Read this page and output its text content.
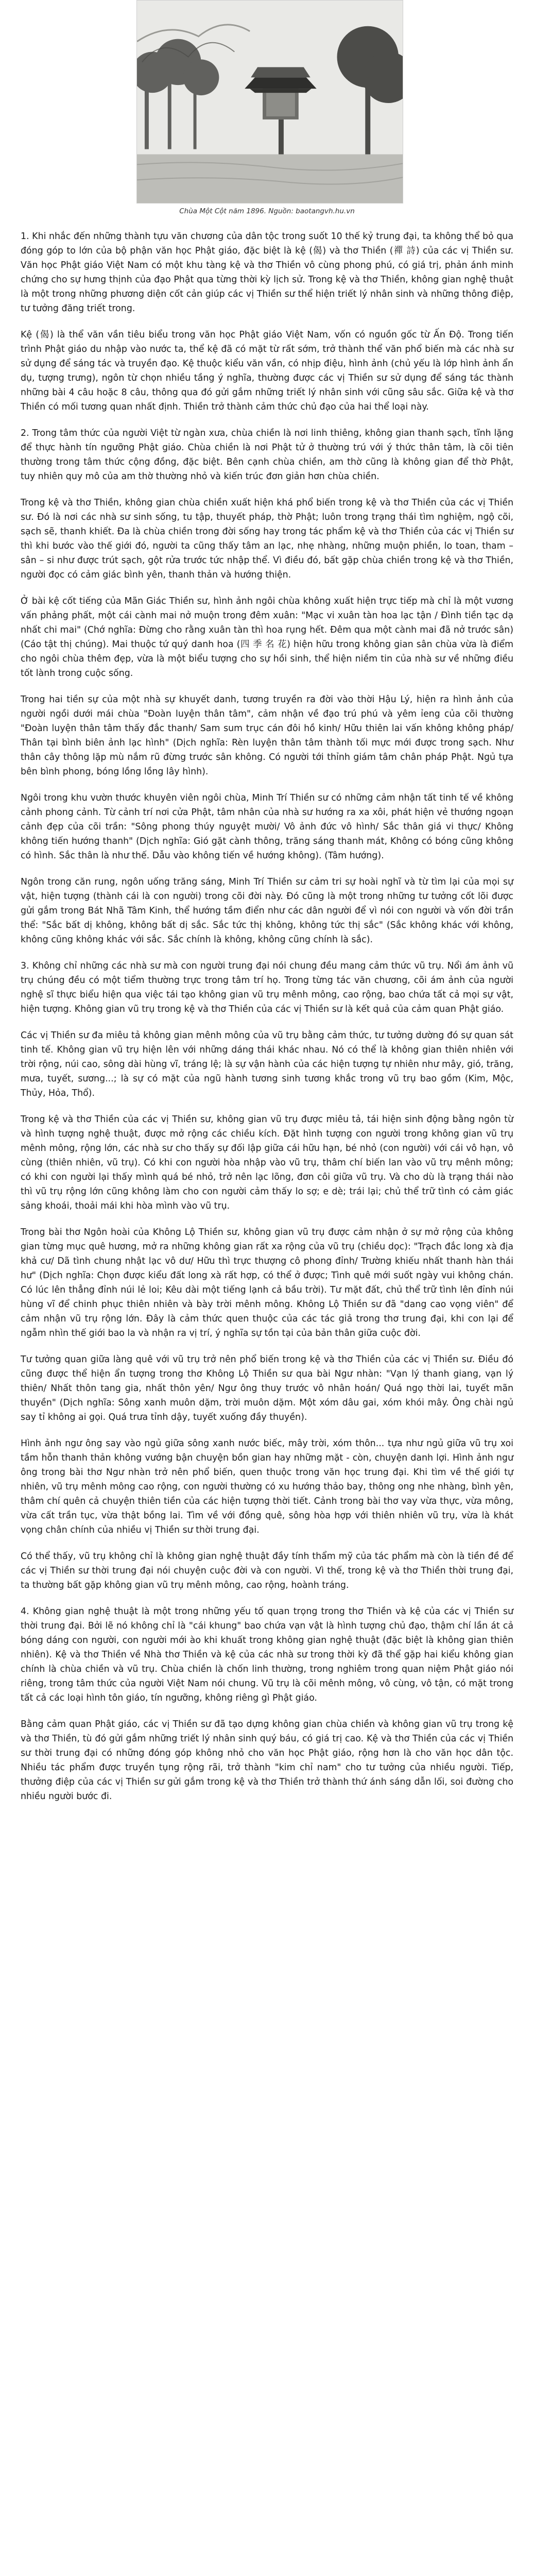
Chùa Một Cột năm 1896. Nguồn: baotangvh.hu.vn

1. Khi nhắc đến những thành tựu văn chương của dân tộc trong suốt 10 thế kỷ trung đại, ta không thể bỏ qua đóng góp to lớn của bộ phận văn học Phật giáo, đặc biệt là kệ (偈) và thơ Thiền (禪 詩) của các vị Thiền sư. Văn học Phật giáo Việt Nam có một khu tàng kệ và thơ Thiền vô cùng phong phú, có giá trị, phản ánh minh chứng cho sự hưng thịnh của đạo Phật qua từng thời kỳ lịch sử. Trong kệ và thơ Thiền, không gian nghệ thuật là một trong những phương diện cốt cản giúp các vị Thiền sư thể hiện triết lý nhân sinh và những thông điệp, tư tưởng đăng triết trong.

Kệ (偈) là thể văn vần tiêu biểu trong văn học Phật giáo Việt Nam, vốn có nguồn gốc từ Ấn Độ. Trong tiến trình Phật giáo du nhập vào nước ta, thể kệ đã có mặt từ rất sớm, trở thành thể văn phổ biến mà các nhà sư sử dụng để sáng tác và truyền đạo. Kệ thuộc kiểu văn vần, có nhịp điệu, hình ảnh (chủ yếu là lớp hình ảnh ẩn dụ, tượng trưng), ngôn từ chọn nhiều tầng ý nghĩa, thường được các vị Thiền sư sử dụng để sáng tác thành những bài 4 câu hoặc 8 câu, thông qua đó gửi gắm những triết lý nhân sinh với cũng sâu sắc. Giữa kệ và thơ Thiền có mối tương quan nhất định. Thiền trở thành cảm thức chủ đạo của hai thể loại này.

2. Trong tâm thức của người Việt từ ngàn xưa, chùa chiền là nơi linh thiêng, không gian thanh sạch, tĩnh lặng để thực hành tín ngưỡng Phật giáo. Chùa chiền là nơi Phật tử ở thường trú với ý thức thân tâm, là cõi tiên thường trong tâm thức cộng đồng, đặc biệt. Bên cạnh chùa chiền, am thờ cũng là không gian để thờ Phật, tuy nhiên quy mô của am thờ thường nhỏ và kiến trúc đơn giản hơn chùa chiền.

Trong kệ và thơ Thiền, không gian chùa chiền xuất hiện khá phổ biến trong kệ và thơ Thiền của các vị Thiền sư. Đó là nơi các nhà sư sinh sống, tu tập, thuyết pháp, thờ Phật; luôn trong trạng thái tìm nghiệm, ngộ cõi, sạch sẽ, thanh khiết. Đa là chùa chiền trong đời sống hay trong tác phẩm kệ và thơ Thiền của các vị Thiền sư thì khi bước vào thế giới đó, người ta cũng thấy tâm an lạc, nhẹ nhàng, những muộn phiền, lo toan, tham – sân – si như được trút sạch, gột rửa trước tức nhập thể. Vì điều đó, bất gặp chùa chiền trong kệ và thơ Thiền, người đọc có cảm giác bình yên, thanh thản và hướng thiện.

Ở bài kệ cốt tiếng của Mãn Giác Thiền sư, hình ảnh ngôi chùa không xuất hiện trực tiếp mà chỉ là một vương vấn phảng phất, một cái cành mai nở muộn trong đêm xuân: "Mạc vi xuân tàn hoa lạc tận / Đình tiền tạc dạ nhất chi mai" (Chớ nghĩa: Đừng cho rằng xuân tàn thì hoa rụng hết. Đêm qua một cành mai đã nở trước sân) (Cáo tật thị chúng). Mai thuộc tứ quý danh hoa (四 季 名 花) hiện hữu trong không gian sân chùa vừa là điểm cho ngôi chùa thêm đẹp, vừa là một biểu tượng cho sự hồi sinh, thể hiện niềm tin của nhà sư về những điều tốt lành trong cuộc sống.

Trong hai tiền sự của một nhà sự khuyết danh, tương truyền ra đời vào thời Hậu Lý, hiện ra hình ảnh của người ngồi dưới mái chùa "Đoàn luyện thân tâm", cảm nhận về đạo trú phú và yêm ỉeng của cõi thường "Đoàn luyện thân tâm thấy đắc thanh/ Sam sum trục cán đôi hồ kinh/ Hữu thiên lai vấn không không pháp/ Thân tại bình biên ảnh lạc hình" (Dịch nghĩa: Rèn luyện thân tâm thành tối mực mới được trong sạch. Như thân cây thông lặp mù nắm rũ đừng trước sân không. Có người tới thỉnh giám tâm chân pháp Phật. Ngủ tựa bên bình phong, bóng lồng lồng lây hình).

Ngôi trong khu vườn thước khuyên viên ngôi chùa, Minh Trí Thiền sư có những cảm nhận tất tinh tế về không cảnh phong cảnh. Từ cảnh trí nơi cửa Phật, tâm nhân của nhà sư hướng ra xa xôi, phát hiện vẻ thướng ngoạn cảnh đẹp của cõi trần: "Sông phong thúy nguyệt mười/ Vô ảnh đức vô hình/ Sắc thân giá vi thực/ Không không tiến hướng thanh" (Dịch nghĩa: Gió gặt cành thông, trăng sáng thanh mát, Không có bóng cũng không có hình. Sắc thân là như thế. Dẫu vào không tiến về hướng không). (Tâm hướng).

Ngôn trong căn rung, ngôn uống trăng sáng, Minh Trí Thiền sư cảm tri sự hoài nghĩ và từ tìm lại của mọi sự vật, hiện tượng (thành cái là con người) trong cõi đời này. Đó cũng là một trong những tư tưởng cốt lõi được gửi gắm trong Bát Nhã Tâm Kinh, thể hướng tầm điển như các dân người để vì nói con người và vốn đời trần thể: "Sắc bất dị không, không bất dị sắc. Sắc tức thị không, không tức thị sắc" (Sắc không khác với không, không cũng không khác với sắc. Sắc chính là không, không cũng chính là sắc).

3. Không chỉ những các nhà sư mà con người trung đại nói chung đều mang cảm thức vũ trụ. Nổi ám ảnh vũ trụ chúng đều có một tiểm thường trực trong tâm trí họ. Trong từng tác văn chương, cõi ám ảnh của người nghệ sĩ thực biểu hiện qua việc tái tạo không gian vũ trụ mênh mông, cao rộng, bao chứa tất cả mọi sự vật, hiện tượng. Không gian vũ trụ trong kệ và thơ Thiền của các vị Thiền sư là kết quả của cảm quan Phật giáo.

Các vị Thiền sư đa miêu tả không gian mênh mông của vũ trụ bằng cảm thức, tư tưởng dường đó sự quan sát tinh tế. Không gian vũ trụ hiện lên với những dáng thái khác nhau. Nó có thể là không gian thiên nhiên với trời rộng, núi cao, sông dài hùng vĩ, tráng lệ; là sự vận hành của các hiện tượng tự nhiên như mây, gió, trăng, mưa, tuyết, sương...; là sự có mặt của ngũ hành tương sinh tương khắc trong vũ trụ bao gồm (Kim, Mộc, Thủy, Hỏa, Thổ).

Trong kệ và thơ Thiền của các vị Thiền sư, không gian vũ trụ được miêu tả, tái hiện sinh động bằng ngôn từ và hình tượng nghệ thuật, được mở rộng các chiều kích. Đặt hình tượng con người trong không gian vũ trụ mênh mông, rộng lớn, các nhà sư cho thấy sự đối lập giữa cái hữu hạn, bé nhỏ (con người) với cái vô hạn, vô cùng (thiên nhiên, vũ trụ). Có khi con người hòa nhập vào vũ trụ, thâm chí biến lan vào vũ trụ mênh mông; có khi con người lại thấy mình quá bé nhỏ, trở nên lạc lõng, đơn côi giữa vũ trụ. Và cho dù là trạng thái nào thì vũ trụ rộng lớn cũng không làm cho con người cảm thấy lo sợ; e dè; trái lại; chủ thể trữ tình có cảm giác sảng khoái, thoải mái khi hòa mình vào vũ trụ.

Trong bài thơ Ngôn hoài của Không Lộ Thiền sư, không gian vũ trụ được cảm nhận ở sự mở rộng của không gian từng mục quê hương, mở ra những không gian rất xa rộng của vũ trụ (chiều dọc): "Trạch đắc long xà địa khả cư/ Dã tình chung nhật lạc vô dư/ Hữu thì trực thượng cô phong đỉnh/ Trường khiếu nhất thanh hàn thái hư" (Dịch nghĩa: Chọn được kiểu đất long xà rất hợp, có thể ở được; Tình quê mới suốt ngày vui không chán. Có lúc lên thẳng đỉnh núi lẻ loi; Kêu dài một tiếng lạnh cả bầu trời). Tư mặt đất, chủ thể trữ tình lên đỉnh núi hùng vĩ để chinh phục thiên nhiên và bày trời mênh mông. Không Lộ Thiền sư đã "dang cao vọng viên" để cảm nhận vũ trụ rộng lớn. Đây là cảm thức quen thuộc của các tác giả trong thơ trung đại, khi con lại để ngẫm nhìn thế giới bao la và nhận ra vị trí, ý nghĩa sự tồn tại của bản thân giữa cuộc đời.

Tư tưởng quan giữa làng quê với vũ trụ trở nên phổ biến trong kệ và thơ Thiền của các vị Thiền sư. Điều đó cũng được thể hiện ẩn tượng trong thơ Không Lộ Thiền sư qua bài Ngư nhàn: "Vạn lý thanh giang, vạn lý thiên/ Nhất thôn tang gia, nhất thôn yên/ Ngư ông thuy trước vô nhân hoán/ Quá ngọ thời lai, tuyết mãn thuyền" (Dịch nghĩa: Sông xanh muôn dặm, trời muôn dặm. Một xóm dâu gai, xóm khói mây. Ông chài ngủ say tỉ không ai gọi. Quá trưa tỉnh dậy, tuyết xuống đầy thuyền).

Hình ảnh ngư ông say vào ngủ giữa sông xanh nước biếc, mây trời, xóm thôn... tựa như ngủ giữa vũ trụ xoi tầm hỗn thanh thản không vướng bận chuyện bồn gian hay những mặt - còn, chuyện danh lợi. Hình ảnh ngư ông trong bài thơ Ngư nhàn trở nên phổ biến, quen thuộc trong văn học trung đại. Khi tìm về thế giới tự nhiên, vũ trụ mênh mông cao rộng, con người thường có xu hướng thảo bay, thông ong nhe nhàng, bình yên, thâm chí quên cả chuyện thiên tiền của các hiện tượng thời tiết. Cảnh trong bài thơ vay vừa thực, vừa mông, vừa cất trần tục, vừa thật bồng lai. Tìm về với đồng quê, sông hòa hợp với thiên nhiên vũ trụ, vừa là khát vọng chân chính của nhiều vị Thiền sư thời trung đại.

Có thể thấy, vũ trụ không chỉ là không gian nghệ thuật đầy tính thẩm mỹ của tác phẩm mà còn là tiền đề để các vị Thiền sư thời trung đại nói chuyện cuộc đời và con người. Vì thế, trong kệ và thơ Thiền thời trung đại, ta thường bất gặp không gian vũ trụ mênh mông, cao rộng, hoành tráng.

4. Không gian nghệ thuật là một trong những yếu tố quan trọng trong thơ Thiền và kệ của các vị Thiền sư thời trung đại. Bởi lẽ nó không chỉ là "cái khung" bao chứa vạn vật là hình tượng chủ đạo, thậm chí lần át cả bóng dáng con người, con người mới ào khi khuất trong không gian nghệ thuật (đặc biệt là không gian thiên nhiên). Kệ và thơ Thiền về Nhà thơ Thiền và kệ của các nhà sư trong thời kỳ đã thể gặp hai kiểu không gian chính là chùa chiền và vũ trụ. Chùa chiền là chốn linh thường, trong nghiêm trong quan niệm Phật giáo nói riêng, trong tâm thức của người Việt Nam nói chung. Vũ trụ là cõi mênh mông, vô cùng, vô tận, có mặt trong tất cả các loại hình tôn giáo, tín ngưỡng, không riêng gì Phật giáo.

Bằng cảm quan Phật giáo, các vị Thiền sư đã tạo dựng không gian chùa chiền và không gian vũ trụ trong kệ và thơ Thiền, tù đó gửi gắm những triết lý nhân sinh quý báu, có giá trị cao. Kệ và thơ Thiền của các vị Thiền sư thời trung đại có những đóng góp không nhỏ cho văn học Phật giáo, rộng hơn là cho văn học dân tộc. Nhiều tác phẩm được truyền tụng rộng rãi, trở thành "kim chỉ nam" cho tư tưởng của nhiều người. Tiếp, thưởng điệp của các vị Thiền sư gửi gắm trong kệ và thơ Thiền trở thành thứ ánh sáng dẫn lối, soi đường cho nhiều người bước đi.
